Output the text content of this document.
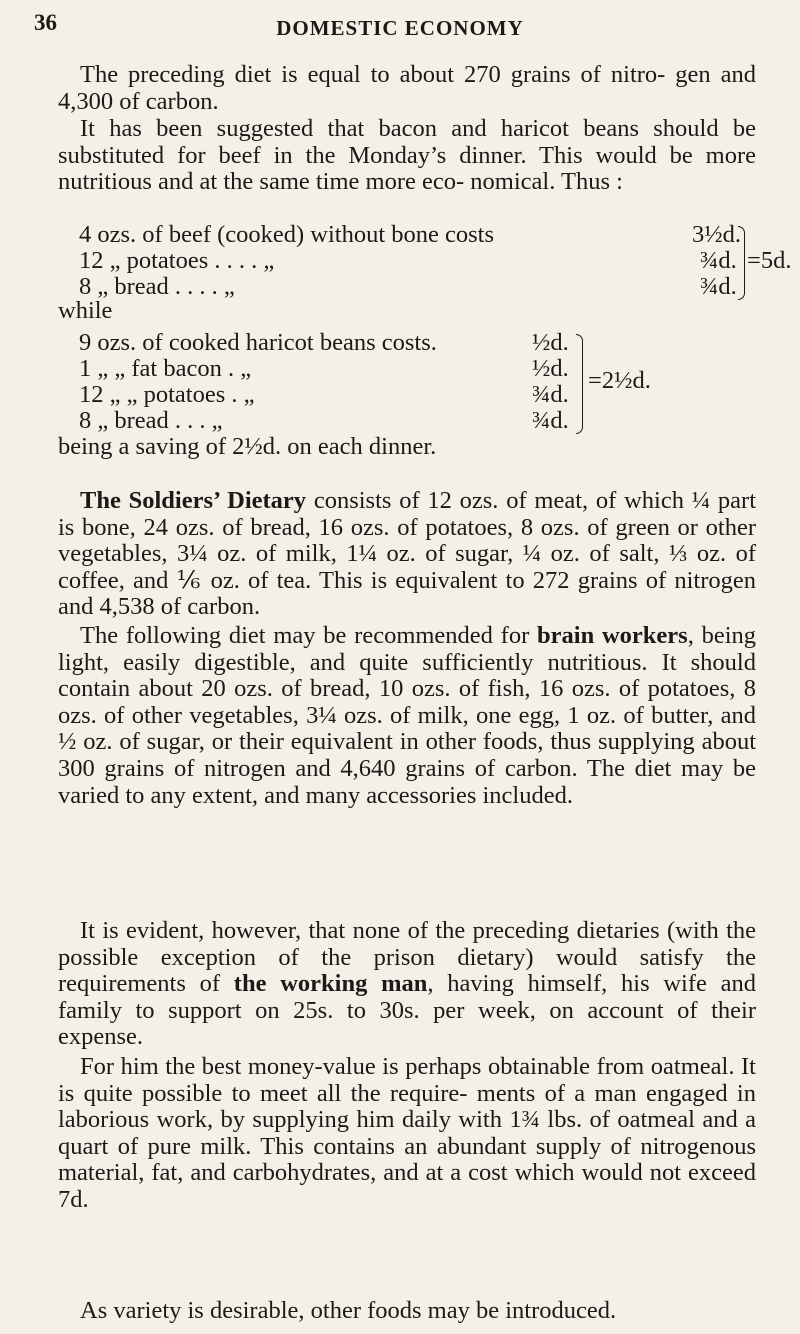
36	DOMESTIC ECONOMY

The preceding diet is equal to about 270 grains of nitro- gen and 4,300 of carbon.

It has been suggested that bacon and haricot beans should be substituted for beef in the Monday’s dinner. This would be more nutritious and at the same time more eco- nomical. Thus :

4 ozs. of beef (cooked) without bone costs	3½d.
12 „ potatoes . . . . „	¾d.
8 „ bread . . . . „	¾d.
=5d.
while
9 ozs. of cooked haricot beans costs.	½d.
1 „ „ fat bacon . „	½d.
12 „ „ potatoes . „	¾d.
8 „ bread . . . „	¾d.
=2½d.
being a saving of 2½d. on each dinner.

The Soldiers’ Dietary consists of 12 ozs. of meat, of which ¼ part is bone, 24 ozs. of bread, 16 ozs. of potatoes, 8 ozs. of green or other vegetables, 3¼ oz. of milk, 1¼ oz. of sugar, ¼ oz. of salt, ⅓ oz. of coffee, and ⅙ oz. of tea. This is equivalent to 272 grains of nitrogen and 4,538 of carbon.

The following diet may be recommended for brain workers, being light, easily digestible, and quite sufficiently nutritious. It should contain about 20 ozs. of bread, 10 ozs. of fish, 16 ozs. of potatoes, 8 ozs. of other vegetables, 3¼ ozs. of milk, one egg, 1 oz. of butter, and ½ oz. of sugar, or their equivalent in other foods, thus supplying about 300 grains of nitrogen and 4,640 grains of carbon. The diet may be varied to any extent, and many accessories included.

It is evident, however, that none of the preceding dietaries (with the possible exception of the prison dietary) would satisfy the requirements of the working man, having himself, his wife and family to support on 25s. to 30s. per week, on account of their expense.

For him the best money-value is perhaps obtainable from oatmeal. It is quite possible to meet all the require- ments of a man engaged in laborious work, by supplying him daily with 1¾ lbs. of oatmeal and a quart of pure milk. This contains an abundant supply of nitrogenous material, fat, and carbohydrates, and at a cost which would not exceed 7d.

As variety is desirable, other foods may be introduced.
